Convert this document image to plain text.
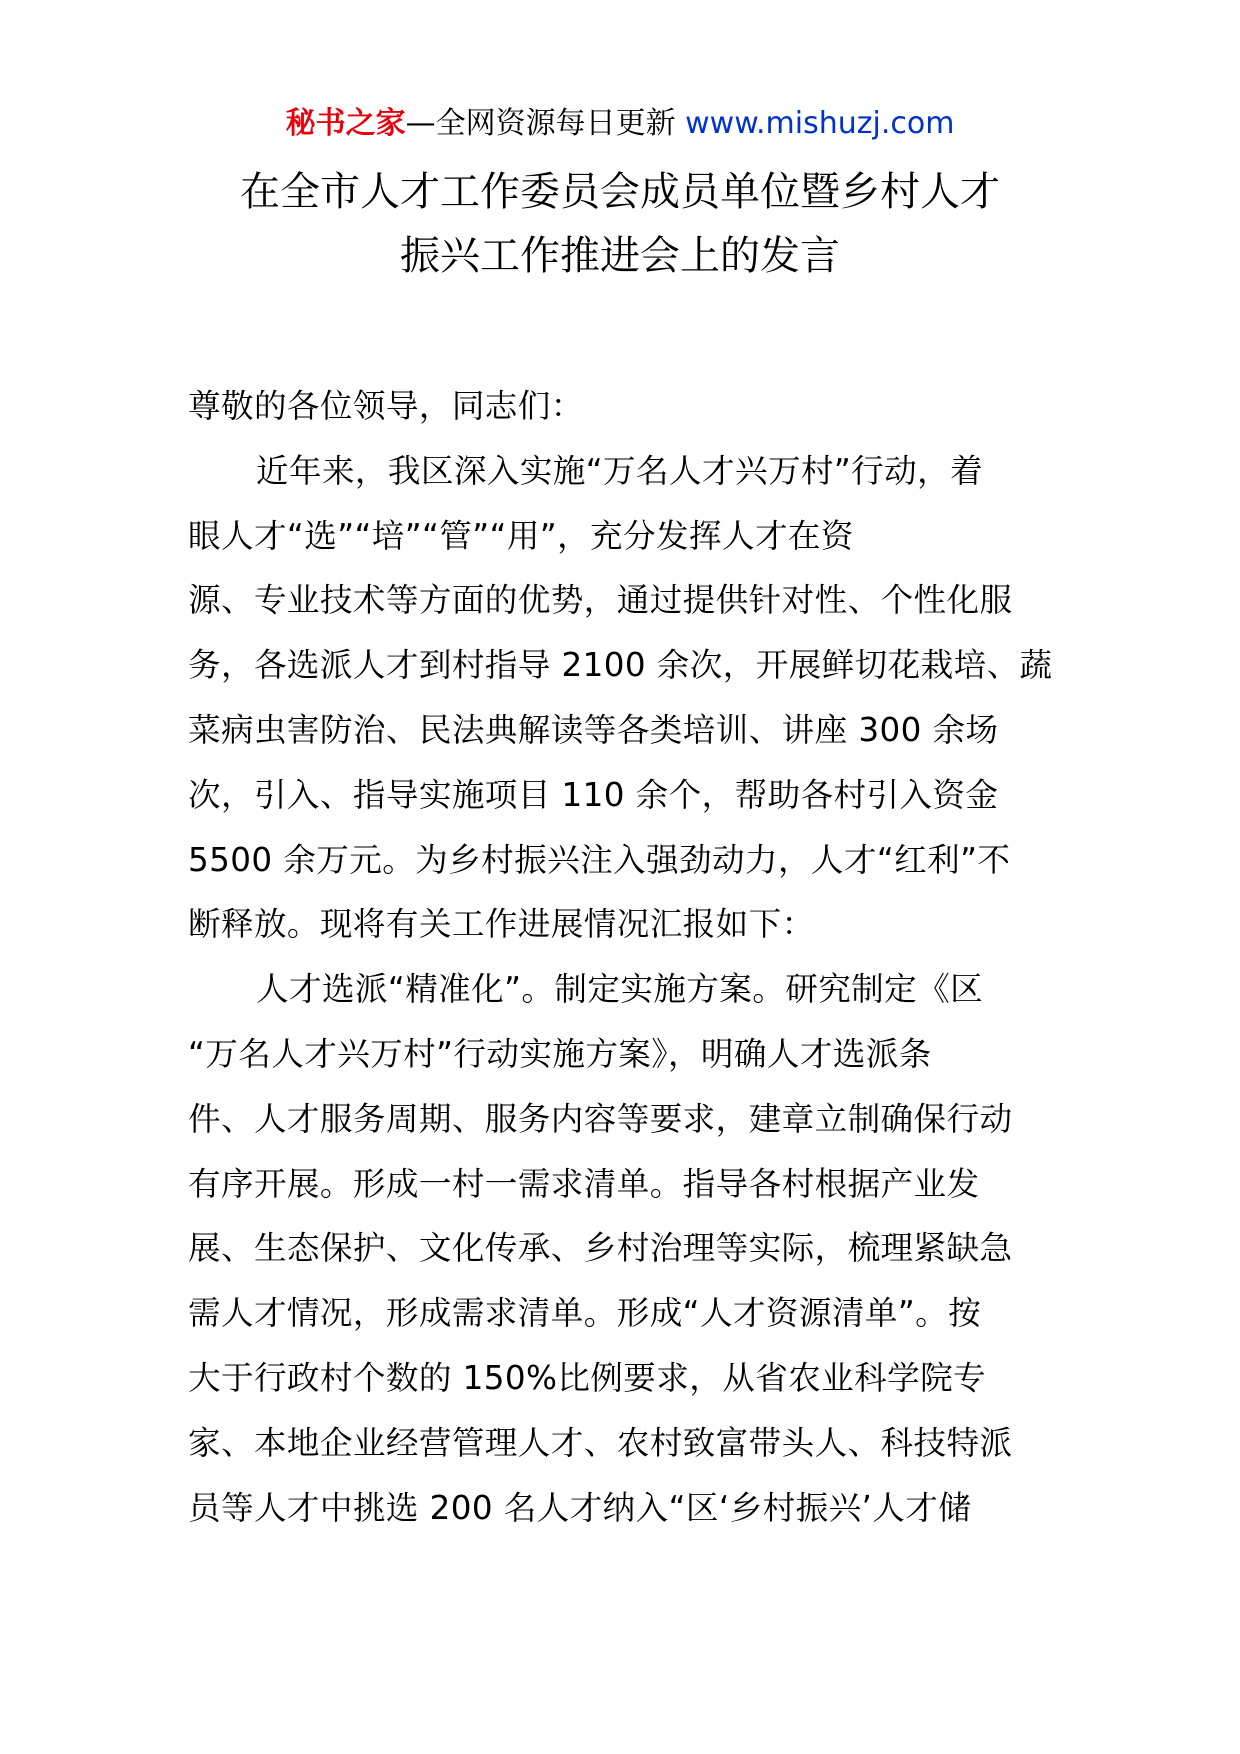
秘书之家—全网资源每日更新 www.mishuzj.com
在全市人才工作委员会成员单位暨乡村人才
振兴工作推进会上的发言
尊敬的各位领导，同志们：
近年来，我区深入实施“万名人才兴万村”行动，着
眼人才“选”“培”“管”“用”，充分发挥人才在资
源、专业技术等方面的优势，通过提供针对性、个性化服
务，各选派人才到村指导 2100 余次，开展鲜切花栽培、蔬
菜病虫害防治、民法典解读等各类培训、讲座 300 余场
次，引入、指导实施项目 110 余个，帮助各村引入资金
5500 余万元。为乡村振兴注入强劲动力，人才“红利”不
断释放。现将有关工作进展情况汇报如下：
人才选派“精准化”。制定实施方案。研究制定《区
“万名人才兴万村”行动实施方案》，明确人才选派条
件、人才服务周期、服务内容等要求，建章立制确保行动
有序开展。形成一村一需求清单。指导各村根据产业发
展、生态保护、文化传承、乡村治理等实际，梳理紧缺急
需人才情况，形成需求清单。形成“人才资源清单”。按
大于行政村个数的 150%比例要求，从省农业科学院专
家、本地企业经营管理人才、农村致富带头人、科技特派
员等人才中挑选 200 名人才纳入“区‘乡村振兴’人才储
